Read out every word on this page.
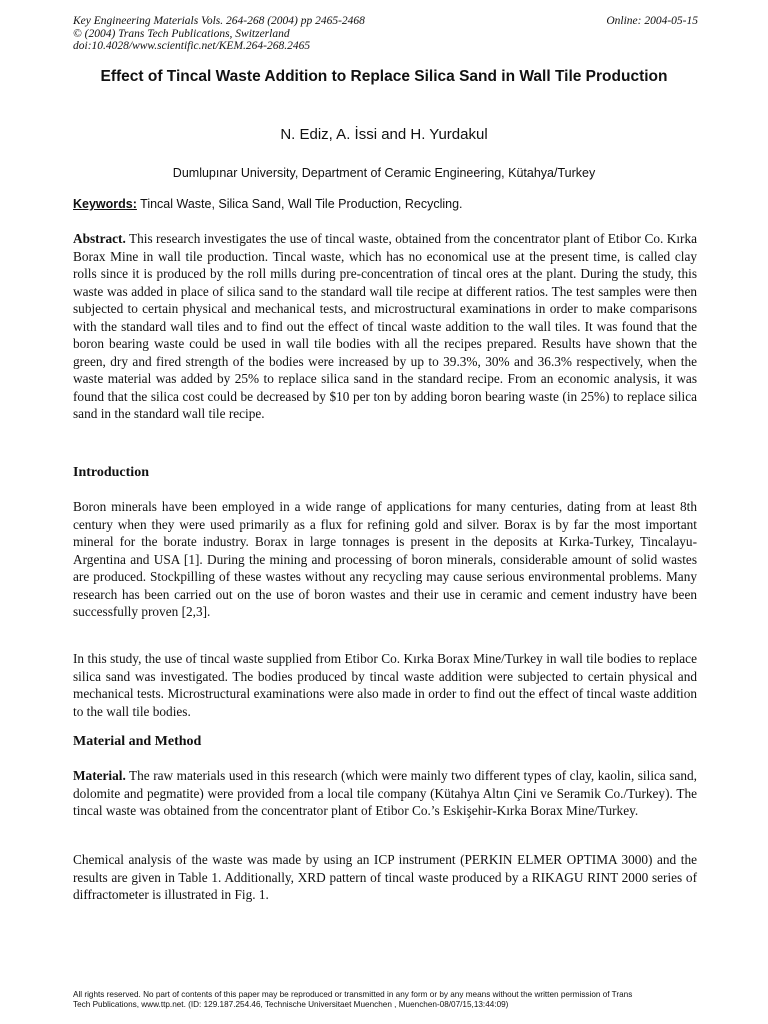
Key Engineering Materials Vols. 264-268 (2004) pp 2465-2468
© (2004) Trans Tech Publications, Switzerland
doi:10.4028/www.scientific.net/KEM.264-268.2465
Online: 2004-05-15
Effect of Tincal Waste Addition to Replace Silica Sand in Wall Tile Production
N. Ediz, A. İssi and H. Yurdakul
Dumlupınar University, Department of Ceramic Engineering, Kütahya/Turkey
Keywords: Tincal Waste, Silica Sand, Wall Tile Production, Recycling.

Abstract. This research investigates the use of tincal waste, obtained from the concentrator plant of Etibor Co. Kırka Borax Mine in wall tile production. Tincal waste, which has no economical use at the present time, is called clay rolls since it is produced by the roll mills during pre-concentration of tincal ores at the plant. During the study, this waste was added in place of silica sand to the standard wall tile recipe at different ratios. The test samples were then subjected to certain physical and mechanical tests, and microstructural examinations in order to make comparisons with the standard wall tiles and to find out the effect of tincal waste addition to the wall tiles. It was found that the boron bearing waste could be used in wall tile bodies with all the recipes prepared. Results have shown that the green, dry and fired strength of the bodies were increased by up to 39.3%, 30% and 36.3% respectively, when the waste material was added by 25% to replace silica sand in the standard recipe. From an economic analysis, it was found that the silica cost could be decreased by $10 per ton by adding boron bearing waste (in 25%) to replace silica sand in the standard wall tile recipe.

Introduction

Boron minerals have been employed in a wide range of applications for many centuries, dating from at least 8th century when they were used primarily as a flux for refining gold and silver. Borax is by far the most important mineral for the borate industry. Borax in large tonnages is present in the deposits at Kırka-Turkey, Tincalayu-Argentina and USA [1]. During the mining and processing of boron minerals, considerable amount of solid wastes are produced. Stockpilling of these wastes without any recycling may cause serious environmental problems. Many research has been carried out on the use of boron wastes and their use in ceramic and cement industry have been successfully proven [2,3].

In this study, the use of tincal waste supplied from Etibor Co. Kırka Borax Mine/Turkey in wall tile bodies to replace silica sand was investigated. The bodies produced by tincal waste addition were subjected to certain physical and mechanical tests. Microstructural examinations were also made in order to find out the effect of tincal waste addition to the wall tile bodies.

Material and Method

Material. The raw materials used in this research (which were mainly two different types of clay, kaolin, silica sand, dolomite and pegmatite) were provided from a local tile company (Kütahya Altın Çini ve Seramik Co./Turkey). The tincal waste was obtained from the concentrator plant of Etibor Co.’s Eskişehir-Kırka Borax Mine/Turkey.

Chemical analysis of the waste was made by using an ICP instrument (PERKIN ELMER OPTIMA 3000) and the results are given in Table 1. Additionally, XRD pattern of tincal waste produced by a RIKAGU RINT 2000 series of diffractometer is illustrated in Fig. 1.

All rights reserved. No part of contents of this paper may be reproduced or transmitted in any form or by any means without the written permission of Trans
Tech Publications, www.ttp.net. (ID: 129.187.254.46, Technische Universitaet Muenchen , Muenchen-08/07/15,13:44:09)
